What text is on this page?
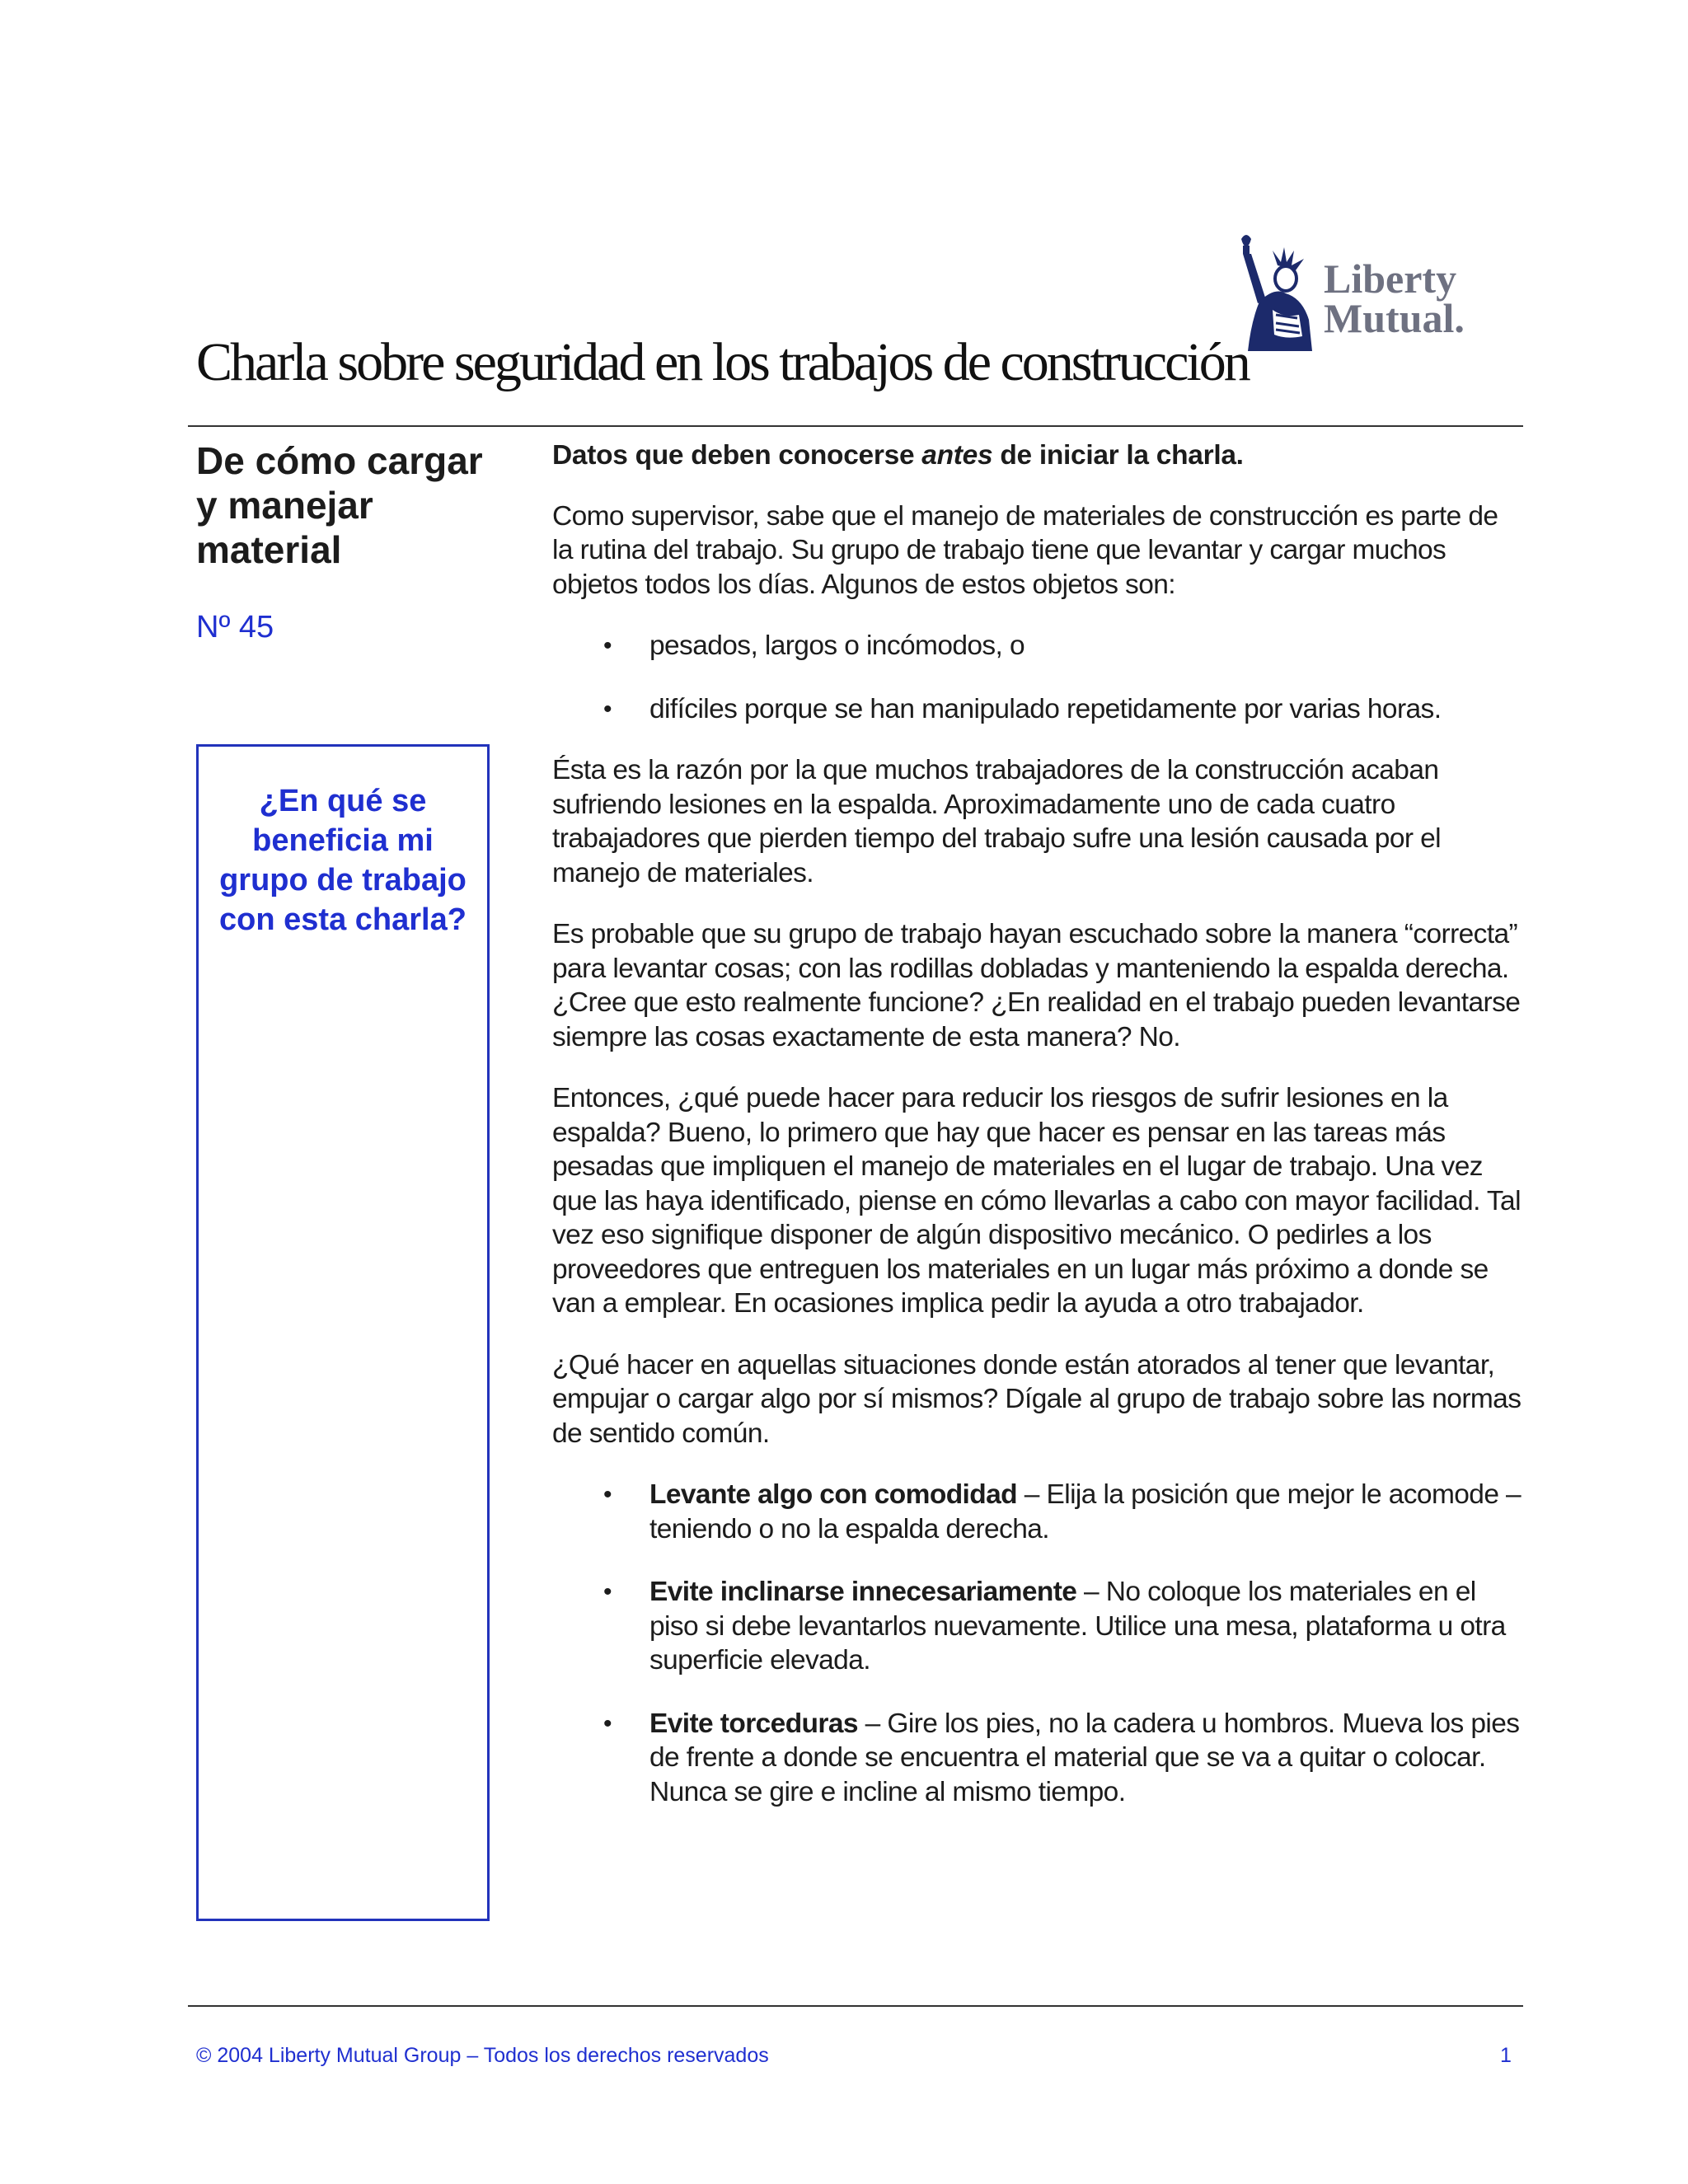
Liberty
Mutual.
Charla sobre seguridad en los trabajos de construcción
De cómo cargar y manejar material
Nº 45
¿En qué se beneficia mi grupo de trabajo con esta charla?

Datos que deben conocerse antes de iniciar la charla.

Como supervisor, sabe que el manejo de materiales de construcción es parte de la rutina del trabajo. Su grupo de trabajo tiene que levantar y cargar muchos objetos todos los días. Algunos de estos objetos son:

• pesados, largos o incómodos, o
• difíciles porque se han manipulado repetidamente por varias horas.

Ésta es la razón por la que muchos trabajadores de la construcción acaban sufriendo lesiones en la espalda. Aproximadamente uno de cada cuatro trabajadores que pierden tiempo del trabajo sufre una lesión causada por el manejo de materiales.

Es probable que su grupo de trabajo hayan escuchado sobre la manera “correcta” para levantar cosas; con las rodillas dobladas y manteniendo la espalda derecha. ¿Cree que esto realmente funcione? ¿En realidad en el trabajo pueden levantarse siempre las cosas exactamente de esta manera? No.

Entonces, ¿qué puede hacer para reducir los riesgos de sufrir lesiones en la espalda? Bueno, lo primero que hay que hacer es pensar en las tareas más pesadas que impliquen el manejo de materiales en el lugar de trabajo. Una vez que las haya identificado, piense en cómo llevarlas a cabo con mayor facilidad. Tal vez eso signifique disponer de algún dispositivo mecánico. O pedirles a los proveedores que entreguen los materiales en un lugar más próximo a donde se van a emplear. En ocasiones implica pedir la ayuda a otro trabajador.

¿Qué hacer en aquellas situaciones donde están atorados al tener que levantar, empujar o cargar algo por sí mismos? Dígale al grupo de trabajo sobre las normas de sentido común.

• Levante algo con comodidad – Elija la posición que mejor le acomode – teniendo o no la espalda derecha.
• Evite inclinarse innecesariamente – No coloque los materiales en el piso si debe levantarlos nuevamente. Utilice una mesa, plataforma u otra superficie elevada.
• Evite torceduras – Gire los pies, no la cadera u hombros. Mueva los pies de frente a donde se encuentra el material que se va a quitar o colocar. Nunca se gire e incline al mismo tiempo.
© 2004 Liberty Mutual Group – Todos los derechos reservados	1
